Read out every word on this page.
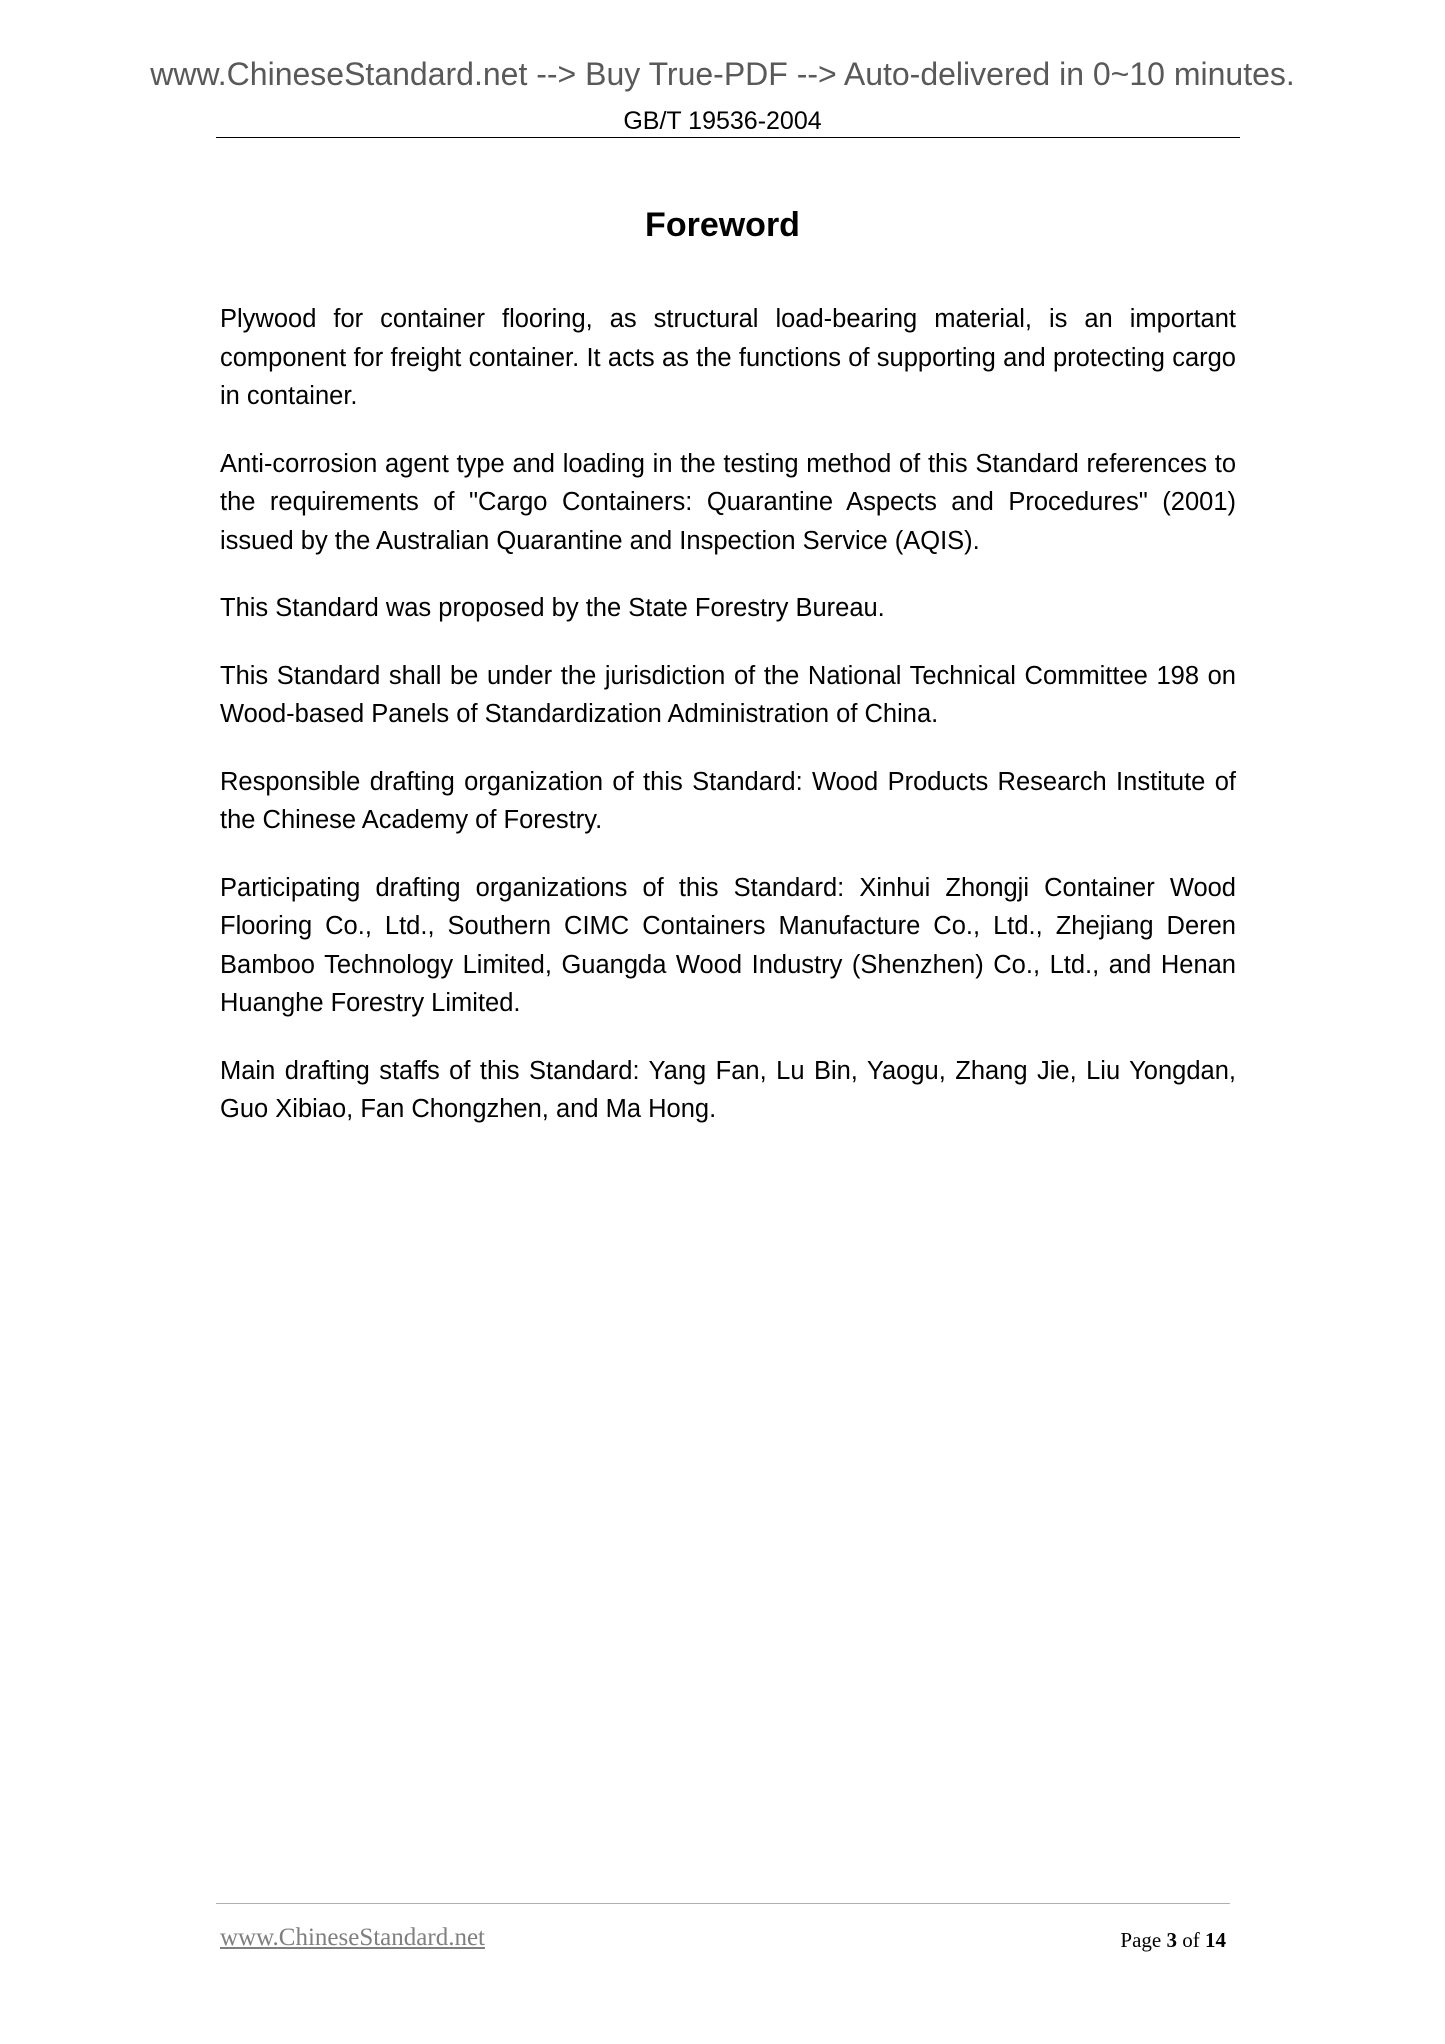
www.ChineseStandard.net --> Buy True-PDF --> Auto-delivered in 0~10 minutes.
GB/T 19536-2004
Foreword

Plywood for container flooring, as structural load-bearing material, is an important component for freight container. It acts as the functions of supporting and protecting cargo in container.

Anti-corrosion agent type and loading in the testing method of this Standard references to the requirements of "Cargo Containers: Quarantine Aspects and Procedures" (2001) issued by the Australian Quarantine and Inspection Service (AQIS).

This Standard was proposed by the State Forestry Bureau.

This Standard shall be under the jurisdiction of the National Technical Committee 198 on Wood-based Panels of Standardization Administration of China.

Responsible drafting organization of this Standard: Wood Products Research Institute of the Chinese Academy of Forestry.

Participating drafting organizations of this Standard: Xinhui Zhongji Container Wood Flooring Co., Ltd., Southern CIMC Containers Manufacture Co., Ltd., Zhejiang Deren Bamboo Technology Limited, Guangda Wood Industry (Shenzhen) Co., Ltd., and Henan Huanghe Forestry Limited.

Main drafting staffs of this Standard: Yang Fan, Lu Bin, Yaogu, Zhang Jie, Liu Yongdan, Guo Xibiao, Fan Chongzhen, and Ma Hong.

www.ChineseStandard.net	Page 3 of 14
